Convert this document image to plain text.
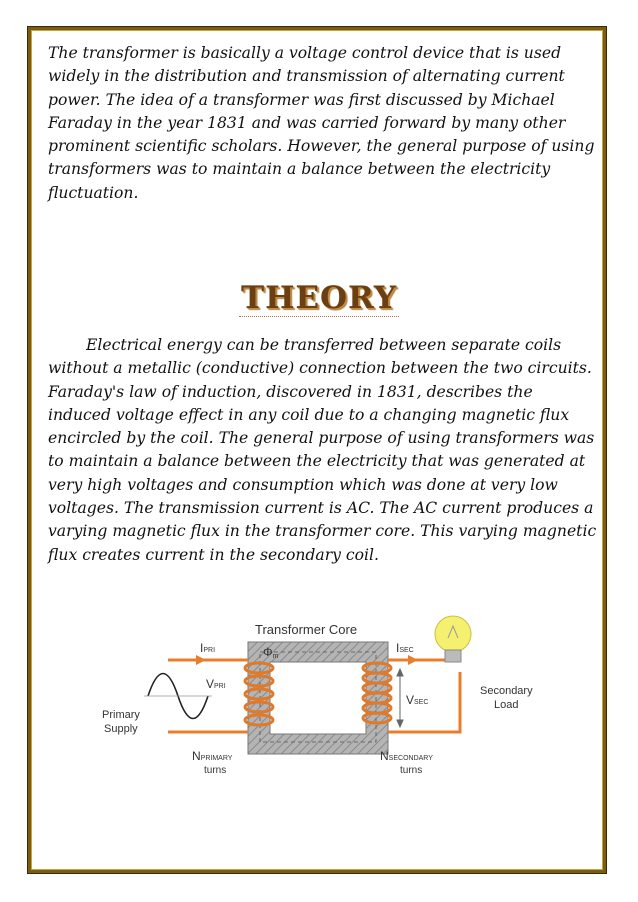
The transformer is basically a voltage control device that is used widely in the distribution and transmission of alternating current power. The idea of a transformer was first discussed by Michael Faraday in the year 1831 and was carried forward by many other prominent scientific scholars. However, the general purpose of using transformers was to maintain a balance between the electricity fluctuation.
THEORY
Electrical energy can be transferred between separate coils without a metallic (conductive) connection between the two circuits. Faraday's law of induction, discovered in 1831, describes the induced voltage effect in any coil due to a changing magnetic flux encircled by the coil. The general purpose of using transformers was to maintain a balance between the electricity that was generated at very high voltages and consumption which was done at very low voltages. The transmission current is AC. The AC current produces a varying magnetic flux in the transformer core. This varying magnetic flux creates current in the secondary coil.
Transformer Core
Φm
IPRI
VPRI
ISEC
VSEC
Primary
Supply
Secondary
Load
NPRIMARY
turns
NSECONDARY
turns
